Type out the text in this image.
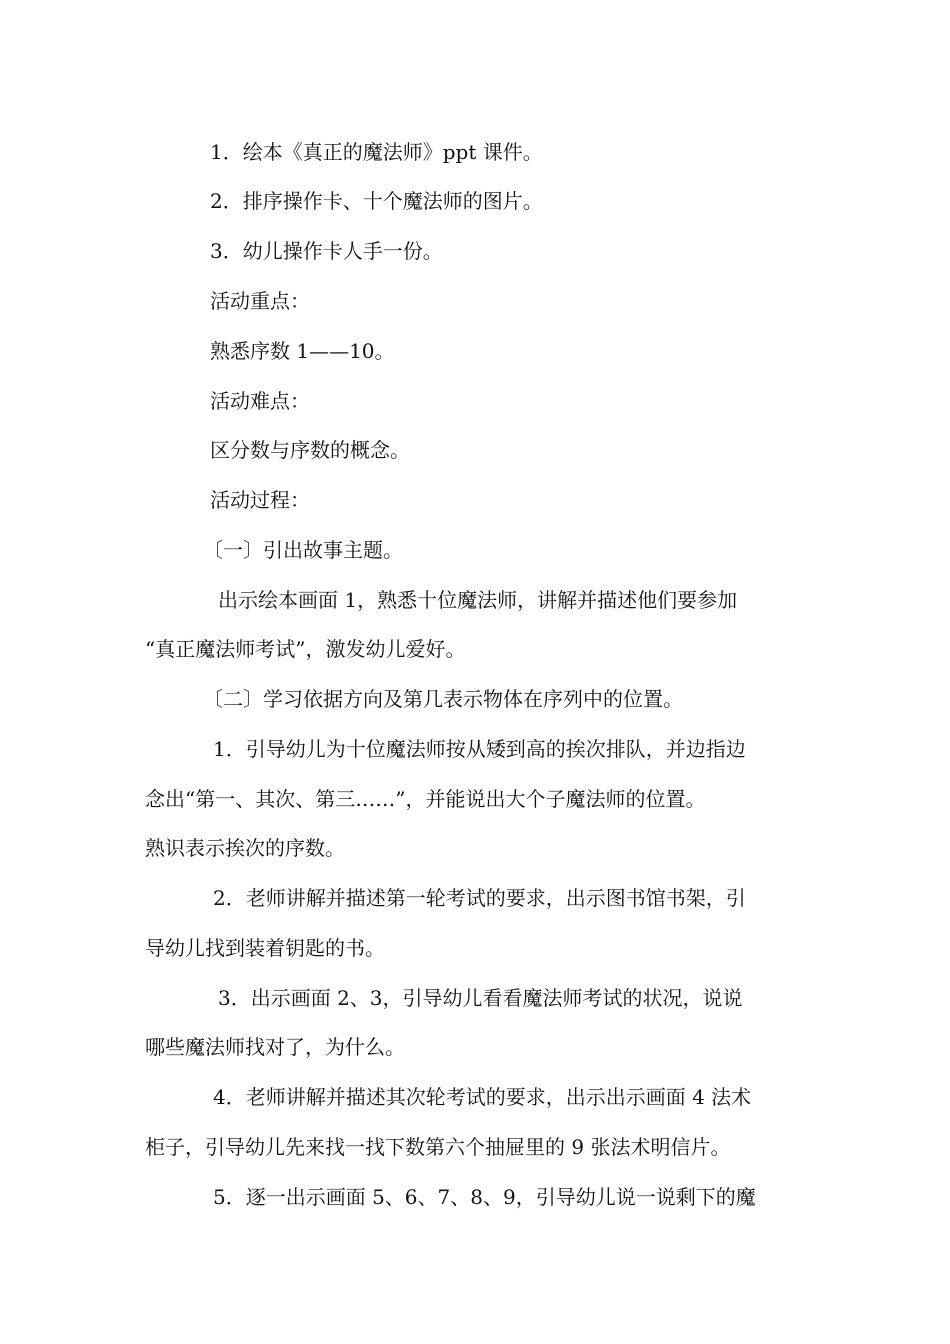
1．绘本《真正的魔法师》ppt 课件。
2．排序操作卡、十个魔法师的图片。
3．幼儿操作卡人手一份。
活动重点：
熟悉序数 1——10。
活动难点：
区分数与序数的概念。
活动过程：
〔一〕引出故事主题。
出示绘本画面 1，熟悉十位魔法师，讲解并描述他们要参加
“真正魔法师考试”，激发幼儿爱好。
〔二〕学习依据方向及第几表示物体在序列中的位置。
1．引导幼儿为十位魔法师按从矮到高的挨次排队，并边指边
念出“第一、其次、第三……”，并能说出大个子魔法师的位置。
熟识表示挨次的序数。
2．老师讲解并描述第一轮考试的要求，出示图书馆书架，引
导幼儿找到装着钥匙的书。
3．出示画面 2、3，引导幼儿看看魔法师考试的状况，说说
哪些魔法师找对了，为什么。
4．老师讲解并描述其次轮考试的要求，出示出示画面 4 法术
柜子，引导幼儿先来找一找下数第六个抽屉里的 9 张法术明信片。
5．逐一出示画面 5、6、7、8、9，引导幼儿说一说剩下的魔
